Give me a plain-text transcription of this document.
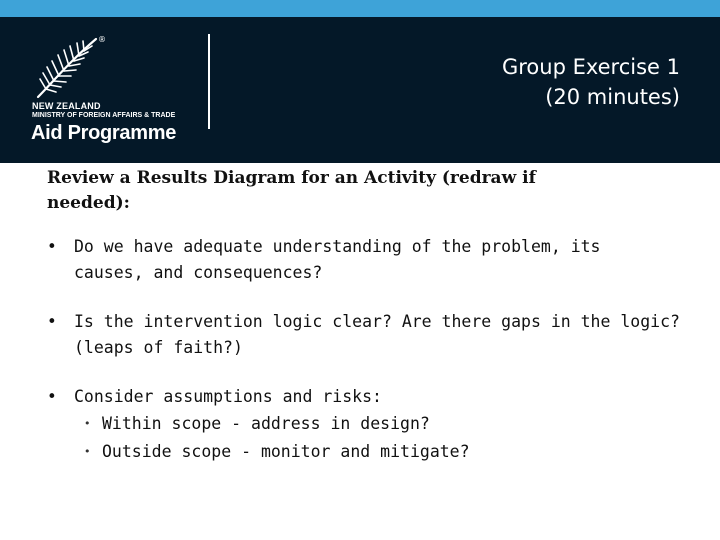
®
NEW ZEALAND
MINISTRY OF FOREIGN AFFAIRS & TRADE
Aid Programme
Group Exercise 1
(20 minutes)
Review a Results Diagram for an Activity (redraw if
needed):
• Do we have adequate understanding of the problem, its
causes, and consequences?
• Is the intervention logic clear? Are there gaps in the logic?
(leaps of faith?)
• Consider assumptions and risks:
• Within scope - address in design?
• Outside scope - monitor and mitigate?
